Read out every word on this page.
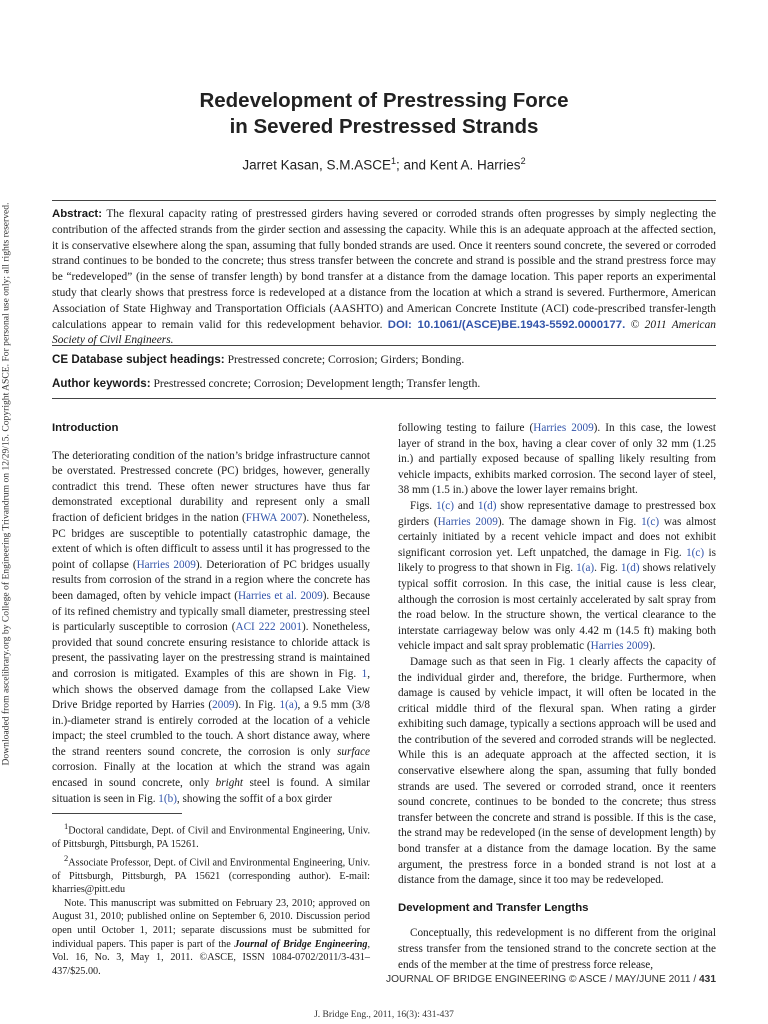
Downloaded from ascelibrary.org by College of Engineering Trivandrum on 12/29/15. Copyright ASCE. For personal use only; all rights reserved.
Redevelopment of Prestressing Force
in Severed Prestressed Strands
Jarret Kasan, S.M.ASCE$^1$; and Kent A. Harries$^2$
Abstract: The flexural capacity rating of prestressed girders having severed or corroded strands often progresses by simply neglecting the contribution of the affected strands from the girder section and assessing the capacity. While this is an adequate approach at the affected section, it is conservative elsewhere along the span, assuming that fully bonded strands are used. Once it reenters sound concrete, the severed or corroded strand continues to be bonded to the concrete; thus stress transfer between the concrete and strand is possible and the strand prestress force may be “redeveloped” (in the sense of transfer length) by bond transfer at a distance from the damage location. This paper reports an experimental study that clearly shows that prestress force is redeveloped at a distance from the location at which a strand is severed. Furthermore, American Association of State Highway and Transportation Officials (AASHTO) and American Concrete Institute (ACI) code-prescribed transfer-length calculations appear to remain valid for this redevelopment behavior. DOI: 10.1061/(ASCE)BE.1943-5592.0000177. © 2011 American Society of Civil Engineers.
CE Database subject headings: Prestressed concrete; Corrosion; Girders; Bonding.
Author keywords: Prestressed concrete; Corrosion; Development length; Transfer length.

Introduction

The deteriorating condition of the nation’s bridge infrastructure cannot be overstated. Prestressed concrete (PC) bridges, however, generally contradict this trend. These often newer structures have thus far demonstrated exceptional durability and represent only a small fraction of deficient bridges in the nation (FHWA 2007). Nonetheless, PC bridges are susceptible to potentially catastrophic damage, the extent of which is often difficult to assess until it has progressed to the point of collapse (Harries 2009). Deterioration of PC bridges usually results from corrosion of the strand in a region where the concrete has been damaged, often by vehicle impact (Harries et al. 2009). Because of its refined chemistry and typically small diameter, prestressing steel is particularly susceptible to corrosion (ACI 222 2001). Nonetheless, provided that sound concrete ensuring resistance to chloride attack is present, the passivating layer on the prestressing strand is maintained and corrosion is mitigated. Examples of this are shown in Fig. 1, which shows the observed damage from the collapsed Lake View Drive Bridge reported by Harries (2009). In Fig. 1(a), a 9.5 mm (3/8 in.)-diameter strand is entirely corroded at the location of a vehicle impact; the steel crumbled to the touch. A short distance away, where the strand reenters sound concrete, the corrosion is only surface corrosion. Finally at the location at which the strand was again encased in sound concrete, only bright steel is found. A similar situation is seen in Fig. 1(b), showing the soffit of a box girder

$^1$Doctoral candidate, Dept. of Civil and Environmental Engineering, Univ. of Pittsburgh, Pittsburgh, PA 15261.

$^2$Associate Professor, Dept. of Civil and Environmental Engineering, Univ. of Pittsburgh, Pittsburgh, PA 15621 (corresponding author). E-mail: kharries@pitt.edu

Note. This manuscript was submitted on February 23, 2010; approved on August 31, 2010; published online on September 6, 2010. Discussion period open until October 1, 2011; separate discussions must be submitted for individual papers. This paper is part of the Journal of Bridge Engineering, Vol. 16, No. 3, May 1, 2011. ©ASCE, ISSN 1084-0702/2011/3-431–437/$25.00.

following testing to failure (Harries 2009). In this case, the lowest layer of strand in the box, having a clear cover of only 32 mm (1.25 in.) and partially exposed because of spalling likely resulting from vehicle impacts, exhibits marked corrosion. The second layer of steel, 38 mm (1.5 in.) above the lower layer remains bright.

Figs. 1(c) and 1(d) show representative damage to prestressed box girders (Harries 2009). The damage shown in Fig. 1(c) was almost certainly initiated by a recent vehicle impact and does not exhibit significant corrosion yet. Left unpatched, the damage in Fig. 1(c) is likely to progress to that shown in Fig. 1(a). Fig. 1(d) shows relatively typical soffit corrosion. In this case, the initial cause is less clear, although the corrosion is most certainly accelerated by salt spray from the road below. In the structure shown, the vertical clearance to the interstate carriageway below was only 4.42 m (14.5 ft) making both vehicle impact and salt spray problematic (Harries 2009).

Damage such as that seen in Fig. 1 clearly affects the capacity of the individual girder and, therefore, the bridge. Furthermore, when damage is caused by vehicle impact, it will often be located in the critical middle third of the flexural span. When rating a girder exhibiting such damage, typically a sections approach will be used and the contribution of the severed and corroded strands will be neglected. While this is an adequate approach at the affected section, it is conservative elsewhere along the span, assuming that fully bonded strands are used. The severed or corroded strand, once it reenters sound concrete, continues to be bonded to the concrete; thus stress transfer between the concrete and strand is possible. If this is the case, the strand may be redeveloped (in the sense of development length) by bond transfer at a distance from the damage location. By the same argument, the prestress force in a bonded strand is not lost at a distance from the damage, since it too may be redeveloped.

Development and Transfer Lengths

Conceptually, this redevelopment is no different from the original stress transfer from the tensioned strand to the concrete section at the ends of the member at the time of prestress force release,

JOURNAL OF BRIDGE ENGINEERING © ASCE / MAY/JUNE 2011 / 431
J. Bridge Eng., 2011, 16(3): 431-437
